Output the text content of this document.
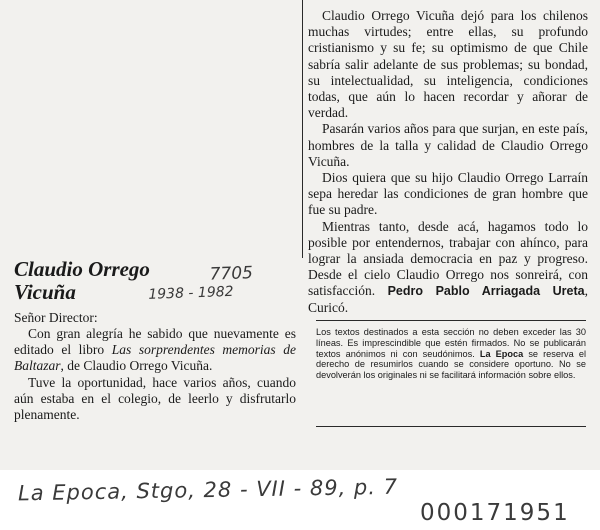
Claudio Orrego Vicuña dejó para los chilenos muchas virtudes; entre ellas, su profundo cristianismo y su fe; su optimismo de que Chile sabría salir adelante de sus problemas; su bondad, su intelectualidad, su inteligencia, condiciones todas, que aún lo hacen recordar y añorar de verdad.

Pasarán varios años para que surjan, en este país, hombres de la talla y calidad de Claudio Orrego Vicuña.

Dios quiera que su hijo Claudio Orrego Larraín sepa heredar las condiciones de gran hombre que fue su padre.

Mientras tanto, desde acá, hagamos todo lo posible por entendernos, trabajar con ahínco, para lograr la ansiada democracia en paz y progreso. Desde el cielo Claudio Orrego nos sonreirá, con satisfacción. Pedro Pablo Arriagada Ureta, Curicó.

Claudio Orrego
Vicuña
Señor Director:

Con gran alegría he sabido que nuevamente es editado el libro Las sorprendentes memorias de Baltazar, de Claudio Orrego Vicuña.

Tuve la oportunidad, hace varios años, cuando aún estaba en el colegio, de leerlo y disfrutarlo plenamente.

Los textos destinados a esta sección no deben exceder las 30 líneas. Es imprescindible que estén firmados. No se publicarán textos anónimos ni con seudónimos. La Epoca se reserva el derecho de resumirlos cuando se considere oportuno. No se devolverán los originales ni se facilitará información sobre ellos.

7705
1938 - 1982
La Epoca, Stgo, 28 - VII - 89, p. 7
000171951
